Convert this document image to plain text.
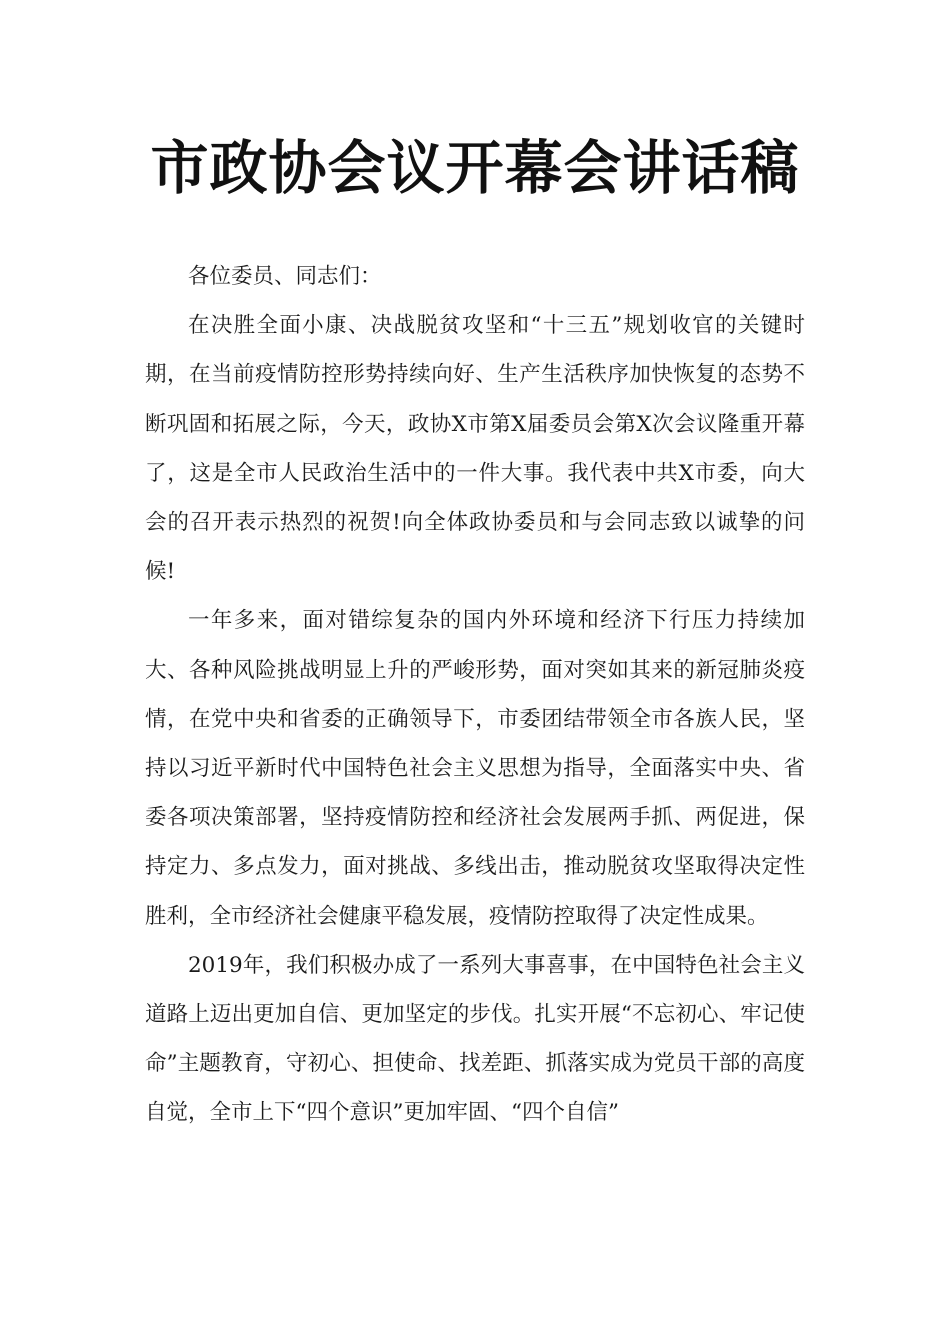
市政协会议开幕会讲话稿

各位委员、同志们：

在决胜全面小康、决战脱贫攻坚和“十三五”规划收官的关键时期，在当前疫情防控形势持续向好、生产生活秩序加快恢复的态势不断巩固和拓展之际，今天，政协X市第X届委员会第X次会议隆重开幕了，这是全市人民政治生活中的一件大事。我代表中共X市委，向大会的召开表示热烈的祝贺!向全体政协委员和与会同志致以诚挚的问候!

一年多来，面对错综复杂的国内外环境和经济下行压力持续加大、各种风险挑战明显上升的严峻形势，面对突如其来的新冠肺炎疫情，在党中央和省委的正确领导下，市委团结带领全市各族人民，坚持以习近平新时代中国特色社会主义思想为指导，全面落实中央、省委各项决策部署，坚持疫情防控和经济社会发展两手抓、两促进，保持定力、多点发力，面对挑战、多线出击，推动脱贫攻坚取得决定性胜利，全市经济社会健康平稳发展，疫情防控取得了决定性成果。

2019年，我们积极办成了一系列大事喜事，在中国特色社会主义道路上迈出更加自信、更加坚定的步伐。扎实开展“不忘初心、牢记使命”主题教育，守初心、担使命、找差距、抓落实成为党员干部的高度自觉，全市上下“四个意识”更加牢固、“四个自信”
